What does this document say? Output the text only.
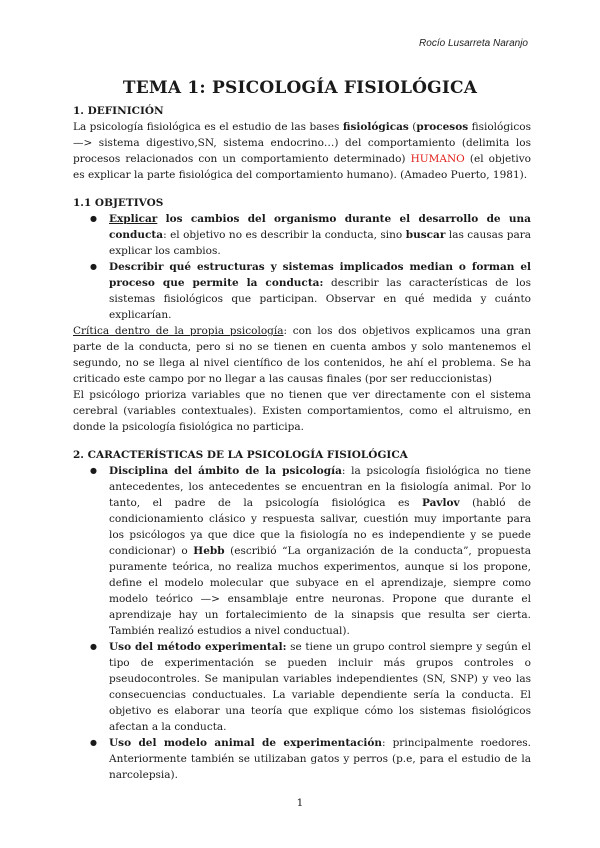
Rocío Lusarreta Naranjo
TEMA 1: PSICOLOGÍA FISIOLÓGICA

1. DEFINICIÓN

La psicología fisiológica es el estudio de las bases fisiológicas (procesos fisiológicos—> sistema digestivo,SN, sistema endocrino…) del comportamiento (delimita los procesos relacionados con un comportamiento determinado) HUMANO (el objetivo es explicar la parte fisiológica del comportamiento humano). (Amadeo Puerto, 1981).

1.1 OBJETIVOS

● Explicar los cambios del organismo durante el desarrollo de una conducta: el objetivo no es describir la conducta, sino buscar las causas para explicar los cambios.
● Describir qué estructuras y sistemas implicados median o forman el proceso que permite la conducta: describir las características de los sistemas fisiológicos que participan. Observar en qué medida y cuánto explicarían.

Crítica dentro de la propia psicología: con los dos objetivos explicamos una gran parte de la conducta, pero si no se tienen en cuenta ambos y solo mantenemos el segundo, no se llega al nivel científico de los contenidos, he ahí el problema. Se ha criticado este campo por no llegar a las causas finales (por ser reduccionistas)

El psicólogo prioriza variables que no tienen que ver directamente con el sistema cerebral (variables contextuales). Existen comportamientos, como el altruismo, en donde la psicología fisiológica no participa.

2. CARACTERÍSTICAS DE LA PSICOLOGÍA FISIOLÓGICA

● Disciplina del ámbito de la psicología: la psicología fisiológica no tiene antecedentes, los antecedentes se encuentran en la fisiología animal. Por lo tanto, el padre de la psicología fisiológica es Pavlov (habló de condicionamiento clásico y respuesta salivar, cuestión muy importante para los psicólogos ya que dice que la fisiología no es independiente y se puede condicionar) o Hebb (escribió “La organización de la conducta”, propuesta puramente teórica, no realiza muchos experimentos, aunque si los propone, define el modelo molecular que subyace en el aprendizaje, siempre como modelo teórico —> ensamblaje entre neuronas. Propone que durante el aprendizaje hay un fortalecimiento de la sinapsis que resulta ser cierta. También realizó estudios a nivel conductual).
● Uso del método experimental: se tiene un grupo control siempre y según el tipo de experimentación se pueden incluir más grupos controles o pseudocontroles. Se manipulan variables independientes (SN, SNP) y veo las consecuencias conductuales. La variable dependiente sería la conducta. El objetivo es elaborar una teoría que explique cómo los sistemas fisiológicos afectan a la conducta.
● Uso del modelo animal de experimentación: principalmente roedores. Anteriormente también se utilizaban gatos y perros (p.e, para el estudio de la narcolepsia).
1
